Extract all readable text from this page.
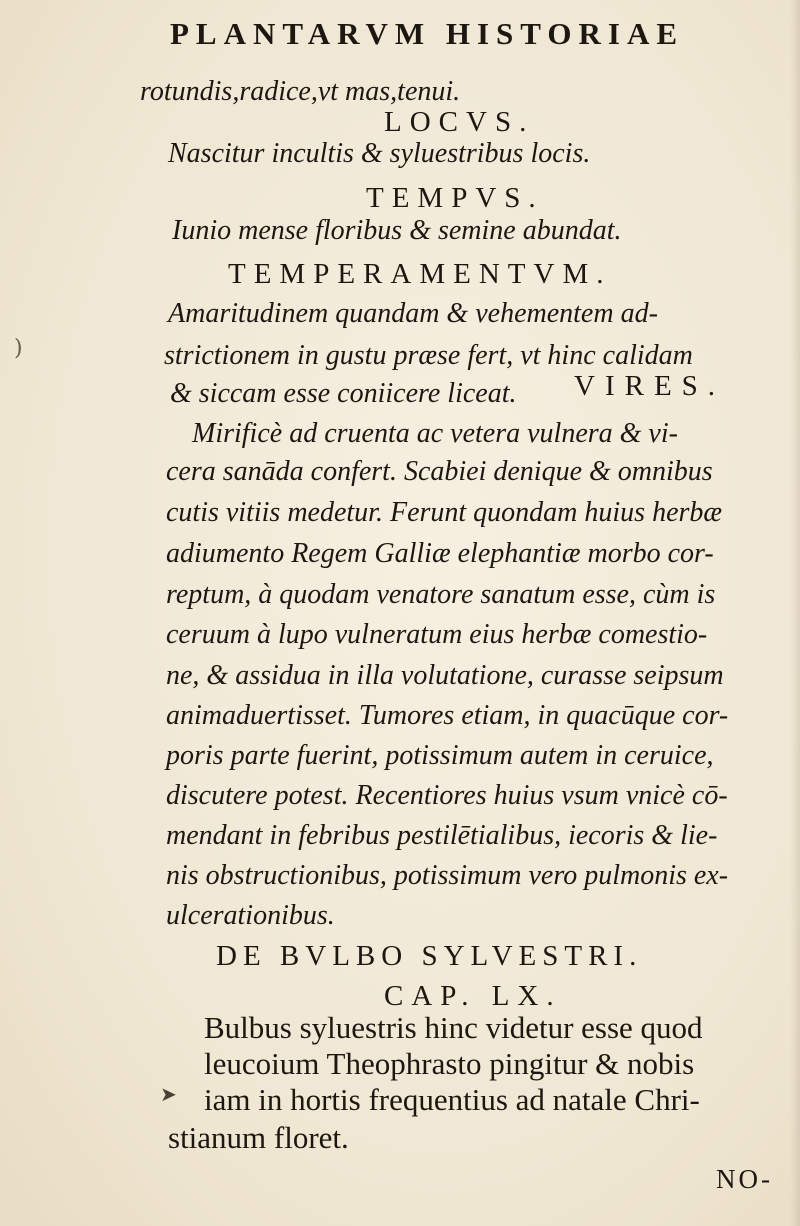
)
PLANTARVM HISTORIAE
rotundis,radice,vt mas,tenui.
LOCVS.
Nascitur incultis & syluestribus locis.
TEMPVS.
Iunio mense floribus & semine abundat.
TEMPERAMENTVM.
Amaritudinem quandam & vehementem ad-
strictionem in gustu præse fert, vt hinc calidam
& siccam esse coniicere liceat. VIRES.
Mirificè ad cruenta ac vetera vulnera & vi-
cera sanāda confert. Scabiei denique & omnibus
cutis vitiis medetur. Ferunt quondam huius herbæ
adiumento Regem Galliæ elephantiæ morbo cor-
reptum, à quodam venatore sanatum esse, cùm is
ceruum à lupo vulneratum eius herbæ comestio-
ne, & assidua in illa volutatione, curasse seipsum
animaduertisset. Tumores etiam, in quacūque cor-
poris parte fuerint, potissimum autem in ceruice,
discutere potest. Recentiores huius vsum vnicè cō-
mendant in febribus pestilētialibus, iecoris & lie-
nis obstructionibus, potissimum vero pulmonis ex-
ulcerationibus.
DE BVLBO SYLVESTRI.
CAP. LX.
Bulbus syluestris hinc videtur esse quod
leucoium Theophrasto pingitur & nobis
➤ iam in hortis frequentius ad natale Chri-
stianum floret.
NO-
